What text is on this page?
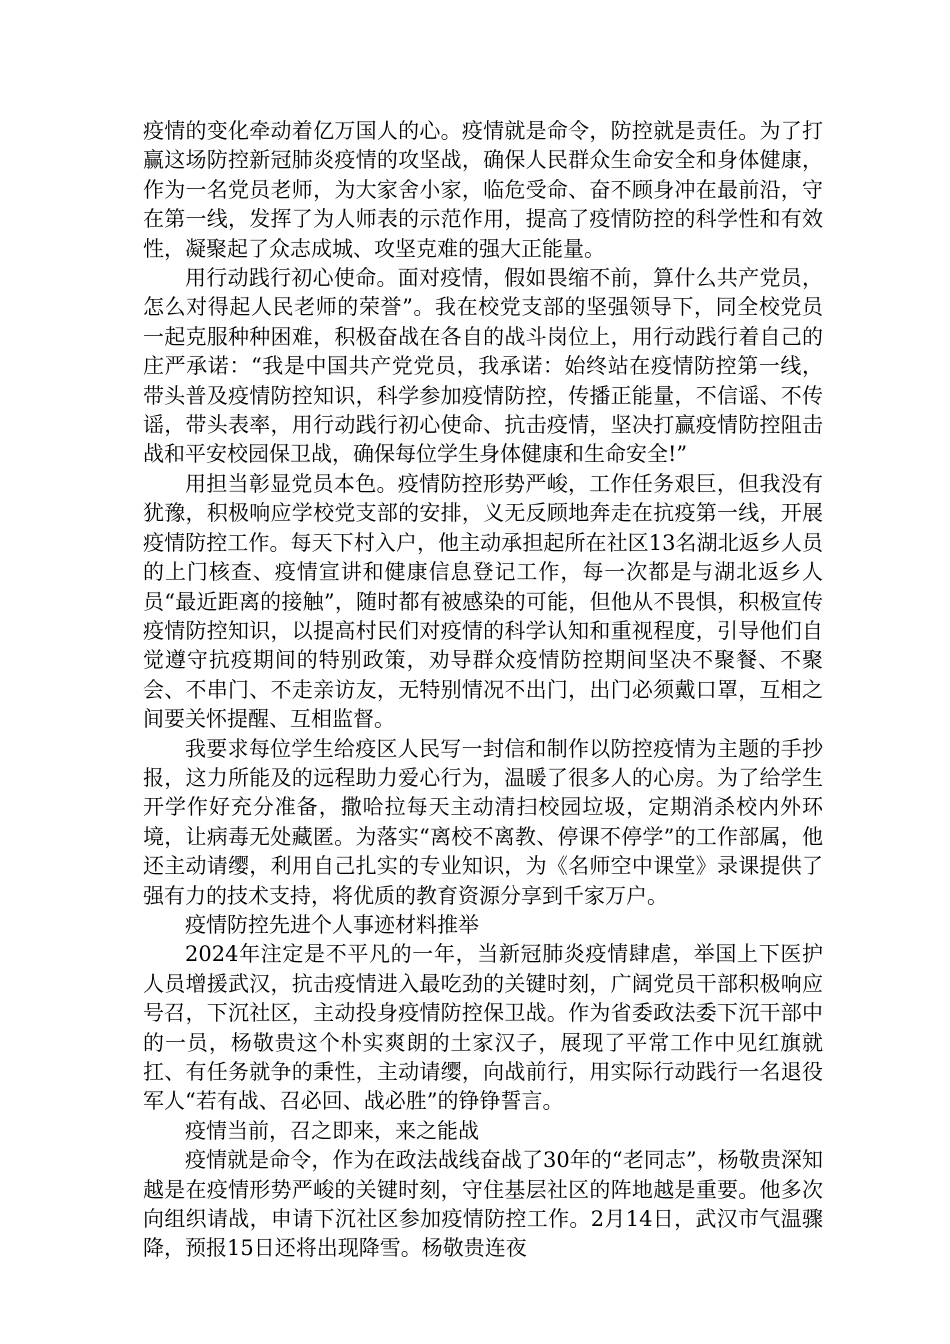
疫情的变化牵动着亿万国人的心。疫情就是命令，防控就是责任。为了打赢这场防控新冠肺炎疫情的攻坚战，确保人民群众生命安全和身体健康，作为一名党员老师，为大家舍小家，临危受命、奋不顾身冲在最前沿，守在第一线，发挥了为人师表的示范作用，提高了疫情防控的科学性和有效性，凝聚起了众志成城、攻坚克难的强大正能量。

用行动践行初心使命。面对疫情，假如畏缩不前，算什么共产党员，怎么对得起人民老师的荣誉”。我在校党支部的坚强领导下，同全校党员一起克服种种困难，积极奋战在各自的战斗岗位上，用行动践行着自己的庄严承诺：“我是中国共产党党员，我承诺：始终站在疫情防控第一线，带头普及疫情防控知识，科学参加疫情防控，传播正能量，不信谣、不传谣，带头表率，用行动践行初心使命、抗击疫情，坚决打赢疫情防控阻击战和平安校园保卫战，确保每位学生身体健康和生命安全!”

用担当彰显党员本色。疫情防控形势严峻，工作任务艰巨，但我没有犹豫，积极响应学校党支部的安排，义无反顾地奔走在抗疫第一线，开展疫情防控工作。每天下村入户，他主动承担起所在社区13名湖北返乡人员的上门核查、疫情宣讲和健康信息登记工作，每一次都是与湖北返乡人员“最近距离的接触”，随时都有被感染的可能，但他从不畏惧，积极宣传疫情防控知识，以提高村民们对疫情的科学认知和重视程度，引导他们自觉遵守抗疫期间的特别政策，劝导群众疫情防控期间坚决不聚餐、不聚会、不串门、不走亲访友，无特别情况不出门，出门必须戴口罩，互相之间要关怀提醒、互相监督。

我要求每位学生给疫区人民写一封信和制作以防控疫情为主题的手抄报，这力所能及的远程助力爱心行为，温暖了很多人的心房。为了给学生开学作好充分准备，撒哈拉每天主动清扫校园垃圾，定期消杀校内外环境，让病毒无处藏匿。为落实“离校不离教、停课不停学”的工作部属，他还主动请缨，利用自己扎实的专业知识，为《名师空中课堂》录课提供了强有力的技术支持，将优质的教育资源分享到千家万户。

疫情防控先进个人事迹材料推举

2024年注定是不平凡的一年，当新冠肺炎疫情肆虐，举国上下医护人员增援武汉，抗击疫情进入最吃劲的关键时刻，广阔党员干部积极响应号召，下沉社区，主动投身疫情防控保卫战。作为省委政法委下沉干部中的一员，杨敬贵这个朴实爽朗的土家汉子，展现了平常工作中见红旗就扛、有任务就争的秉性，主动请缨，向战前行，用实际行动践行一名退役军人“若有战、召必回、战必胜”的铮铮誓言。

疫情当前，召之即来，来之能战

疫情就是命令，作为在政法战线奋战了30年的“老同志”，杨敬贵深知越是在疫情形势严峻的关键时刻，守住基层社区的阵地越是重要。他多次向组织请战，申请下沉社区参加疫情防控工作。2月14日，武汉市气温骤降，预报15日还将出现降雪。杨敬贵连夜
